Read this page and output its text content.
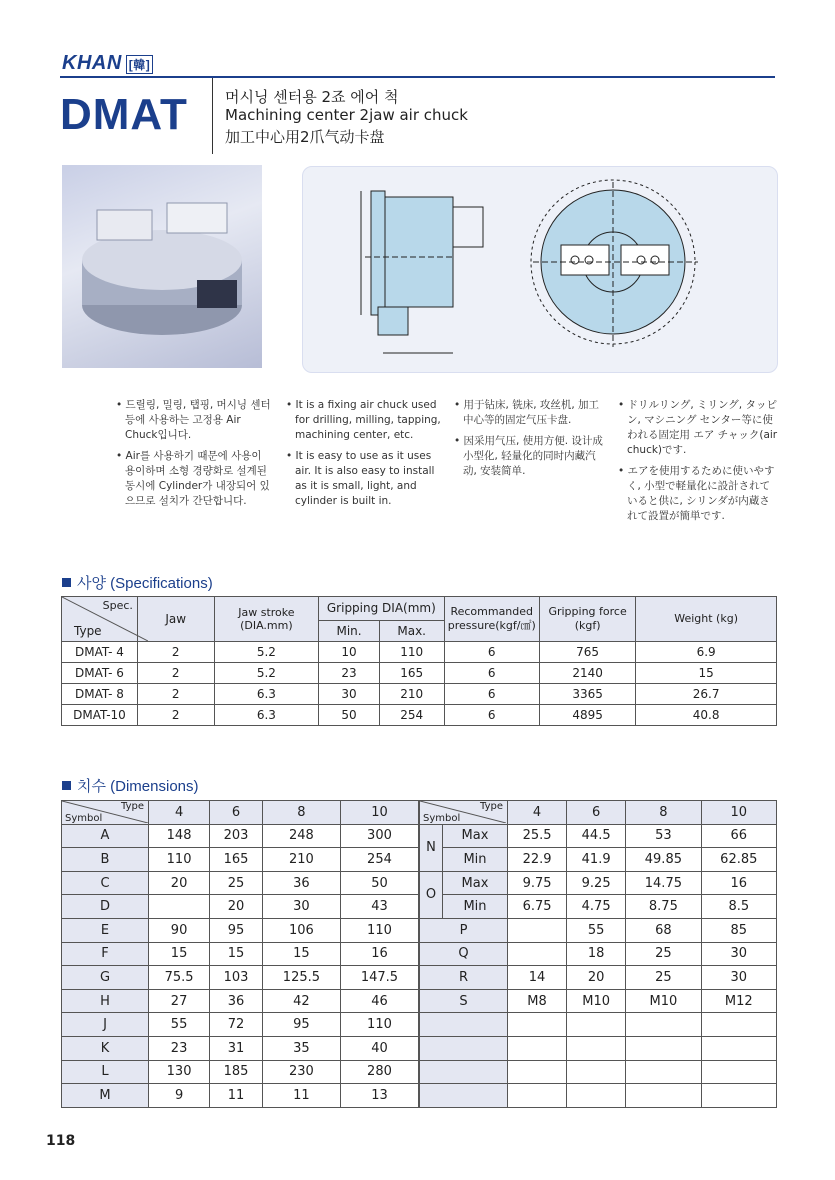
KHAN [韓]
DMAT 머시닝 센터용 2죠 에어 척
Machining center 2jaw air chuck
加工中心用2爪气动卡盘

• 드릴링, 밀링, 탭핑, 머시닝 센터 등에 사용하는 고정용 Air Chuck입니다.

• Air를 사용하기 때문에 사용이 용이하며 소형 경량화로 설계된 동시에 Cylinder가 내장되어 있으므로 설치가 간단합니다.

• It is a fixing air chuck used for drilling, milling, tapping, machining center, etc.

• It is easy to use as it uses air. It is also easy to install as it is small, light, and cylinder is built in.

• 用于钻床, 铣床, 攻丝机, 加工中心等的固定气压卡盘.

• 因采用气压, 使用方便. 设计成小型化, 轻量化的同时内藏汽动, 安装简单.

• ドリルリング, ミリング, タッピン, マシニング センター等に使われる固定用 エア チャック(air chuck)です.

• エアを使用するために使いやすく, 小型で軽量化に設計されていると供に, シリンダが内蔵されて設置が簡単です.

사양 (Specifications)
Spec.
Type	Jaw	Jaw stroke (DIA.mm)	Gripping DIA(mm)		Recommanded pressure(kgf/㎠)	Gripping force (kgf)	Weight (kg)
			Min.	Max.			
DMAT- 4	2	5.2	10	110	6	765	6.9
DMAT- 6	2	5.2	23	165	6	2140	15
DMAT- 8	2	6.3	30	210	6	3365	26.7
DMAT-10	2	6.3	50	254	6	4895	40.8
치수 (Dimensions)
Type
Symbol	4	6	8	10
A	148	203	248	300
B	110	165	210	254
C	20	25	36	50
D		20	30	43
E	90	95	106	110
F	15	15	15	16
G	75.5	103	125.5	147.5
H	27	36	42	46
J	55	72	95	110
K	23	31	35	40
L	130	185	230	280
M	9	11	11	13
Type
Symbol		4	6	8	10
N	Max	25.5	44.5	53	66
	Min	22.9	41.9	49.85	62.85
O	Max	9.75	9.25	14.75	16
	Min	6.75	4.75	8.75	8.5
P			55	68	85
Q			18	25	30
R		14	20	25	30
S		M8	M10	M10	M12

118
